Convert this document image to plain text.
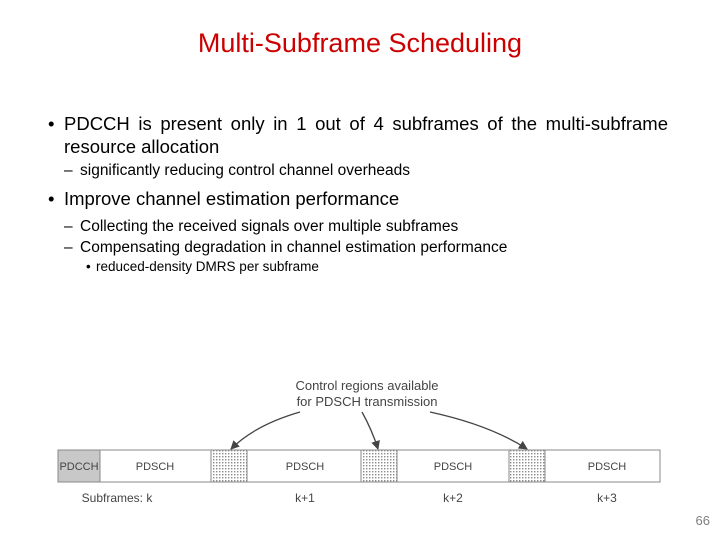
Multi-Subframe Scheduling
• PDCCH is present only in 1 out of 4 subframes of the multi-subframe resource allocation
– significantly reducing control channel overheads
• Improve channel estimation performance
– Collecting the received signals over multiple subframes
– Compensating degradation in channel estimation performance
• reduced-density DMRS per subframe
Control regions available
for PDSCH transmission
PDCCH	PDSCH	PDSCH	PDSCH	PDSCH
Subframes: k	k+1	k+2	k+3
66
